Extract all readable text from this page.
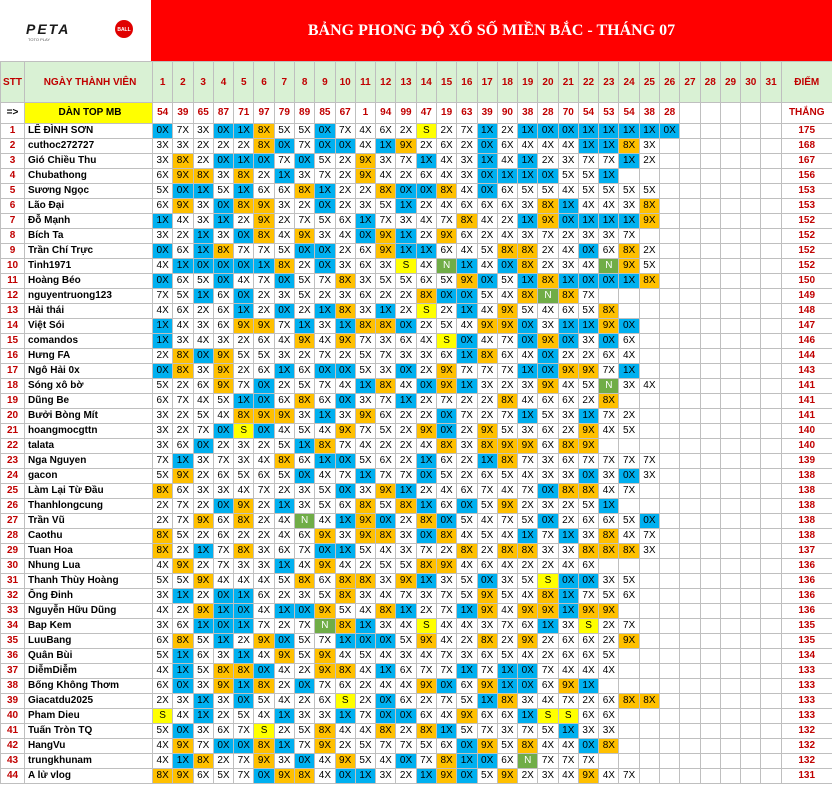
PETA	BALL
TOTO PLAY
BẢNG PHONG ĐỘ XỔ SỐ MIỀN BẮC - THÁNG 07
STT	NGÀY THÀNH VIÊN	1	2	3	4	5	6	7	8	9	10	11	12	13	14	15	16	17	18	19	20	21	22	23	24	25	26	27	28	29	30	31	ĐIỂM
=>	DÀN TOP MB	54	39	65	87	71	97	79	89	85	67	1	94	99	47	19	63	39	90	38	28	70	54	53	54	38	28						THẮNG
1	LÊ ĐÌNH SƠN	0X	7X	3X	0X	1X	8X	5X	5X	0X	7X	4X	6X	2X	S	2X	7X	1X	2X	1X	0X	0X	1X	1X	1X	1X	0X						175
2	cuthoc272727	3X	3X	2X	2X	2X	8X	0X	7X	0X	0X	4X	1X	9X	2X	6X	2X	0X	6X	4X	4X	4X	1X	1X	8X	3X							168
3	Gió Chiều Thu	3X	8X	2X	0X	1X	0X	7X	0X	5X	2X	9X	3X	7X	1X	4X	3X	1X	4X	1X	2X	3X	7X	7X	1X	2X							167
4	Chubathong	6X	9X	8X	3X	8X	2X	1X	3X	7X	2X	9X	4X	2X	6X	4X	3X	0X	1X	1X	0X	5X	5X	1X									156
5	Sương Ngọc	5X	0X	1X	5X	1X	6X	6X	8X	1X	2X	2X	8X	0X	0X	8X	4X	0X	6X	5X	5X	4X	5X	5X	5X	5X							153
6	Lão Đại	6X	9X	3X	0X	8X	9X	3X	2X	0X	2X	3X	5X	1X	2X	4X	6X	6X	6X	3X	8X	1X	4X	4X	3X	8X							153
7	Đỗ Mạnh	1X	4X	3X	1X	2X	9X	2X	7X	5X	6X	1X	7X	3X	4X	7X	8X	4X	2X	1X	9X	0X	1X	1X	1X	9X							152
8	Bích Ta	3X	2X	1X	3X	0X	8X	4X	9X	3X	4X	0X	9X	1X	2X	9X	6X	2X	4X	3X	7X	2X	3X	3X	7X								152
9	Trần Chí Trực	0X	6X	1X	8X	7X	7X	5X	0X	0X	2X	6X	9X	1X	1X	6X	4X	5X	8X	8X	2X	4X	0X	6X	8X	2X							152
10	Tinh1971	4X	1X	0X	0X	0X	1X	8X	2X	0X	3X	6X	3X	S	4X	N	1X	4X	0X	8X	2X	3X	4X	N	9X	5X							152
11	Hoàng Béo	0X	6X	5X	0X	4X	7X	0X	5X	7X	8X	3X	5X	5X	6X	5X	9X	0X	5X	1X	8X	1X	0X	0X	1X	8X							150
12	nguyentruong123	7X	5X	1X	6X	0X	2X	3X	5X	2X	3X	6X	2X	2X	8X	0X	0X	5X	4X	8X	N	8X	7X										149
13	Hải thái	4X	6X	2X	6X	1X	2X	0X	2X	1X	8X	3X	1X	2X	S	2X	1X	4X	9X	5X	4X	6X	5X	8X									148
14	Việt Sói	1X	4X	3X	6X	9X	9X	7X	1X	3X	1X	8X	8X	0X	2X	5X	4X	9X	9X	0X	3X	1X	1X	9X	0X								147
15	comandos	1X	3X	4X	3X	2X	6X	4X	9X	4X	9X	7X	3X	6X	4X	S	0X	4X	7X	0X	9X	0X	3X	0X	6X								146
16	Hưng FA	2X	8X	0X	9X	5X	5X	3X	2X	7X	2X	5X	7X	3X	3X	6X	1X	8X	6X	4X	0X	2X	2X	6X	4X								144
17	Ngô Hải 0x	0X	8X	3X	9X	2X	6X	1X	6X	0X	0X	5X	3X	0X	2X	9X	7X	7X	7X	1X	0X	9X	9X	7X	1X								143
18	Sóng xô bờ	5X	2X	6X	9X	7X	0X	2X	5X	7X	4X	1X	8X	4X	0X	9X	1X	3X	2X	3X	9X	4X	5X	N	3X	4X							141
19	Dũng Be	6X	7X	4X	5X	1X	0X	6X	8X	6X	0X	3X	7X	1X	2X	7X	2X	2X	8X	4X	6X	6X	2X	8X									141
20	Bưởi Bòng Mít	3X	2X	5X	4X	8X	9X	9X	3X	1X	3X	9X	6X	2X	2X	0X	7X	2X	7X	1X	5X	3X	1X	7X	2X								141
21	hoangmocgttn	3X	2X	7X	0X	S	0X	4X	5X	4X	9X	7X	5X	2X	9X	0X	2X	9X	5X	3X	6X	2X	9X	4X	5X								140
22	talata	3X	6X	0X	2X	3X	2X	5X	1X	8X	7X	4X	2X	2X	4X	8X	3X	8X	9X	9X	6X	8X	9X										140
23	Nga Nguyen	7X	1X	3X	7X	3X	4X	8X	6X	1X	0X	5X	6X	2X	1X	6X	2X	1X	8X	7X	3X	6X	7X	7X	7X	7X							139
24	gacon	5X	9X	2X	6X	5X	6X	5X	0X	4X	7X	1X	7X	7X	0X	5X	2X	6X	5X	4X	3X	3X	0X	3X	0X	3X							138
25	Làm Lại Từ Đầu	8X	6X	3X	3X	4X	7X	2X	3X	5X	0X	3X	9X	1X	2X	4X	6X	7X	4X	7X	0X	8X	8X	4X	7X								138
26	Thanhlongcung	2X	7X	2X	0X	9X	2X	1X	3X	5X	6X	8X	5X	8X	1X	6X	0X	5X	9X	2X	3X	2X	5X	1X									138
27	Trần Vũ	2X	7X	9X	6X	8X	2X	4X	N	4X	1X	9X	0X	2X	8X	0X	5X	4X	7X	5X	0X	2X	6X	6X	5X	0X							138
28	Caothu	8X	5X	2X	6X	2X	2X	4X	6X	9X	3X	9X	8X	3X	0X	8X	4X	5X	4X	1X	7X	1X	3X	8X	4X	7X							138
29	Tuan Hoa	8X	2X	1X	7X	8X	3X	6X	7X	0X	1X	5X	4X	3X	7X	2X	8X	2X	8X	8X	3X	3X	8X	8X	8X	3X							137
30	Nhung Lua	4X	9X	2X	7X	3X	3X	1X	4X	9X	4X	2X	5X	5X	8X	9X	4X	6X	4X	2X	2X	4X	6X										136
31	Thanh Thùy Hoàng	5X	5X	9X	4X	4X	4X	5X	8X	6X	8X	8X	3X	9X	1X	3X	5X	0X	3X	5X	S	0X	0X	3X	5X								136
32	Ông Đinh	3X	1X	2X	0X	1X	6X	2X	3X	5X	8X	3X	4X	7X	3X	7X	5X	9X	5X	4X	8X	1X	7X	5X	6X								136
33	Nguyễn Hữu Dũng	4X	2X	9X	1X	0X	4X	1X	0X	9X	5X	4X	8X	1X	2X	7X	1X	9X	4X	9X	9X	1X	9X	9X									136
34	Bap Kem	3X	6X	1X	0X	1X	7X	2X	7X	N	8X	1X	3X	4X	S	4X	4X	3X	7X	6X	1X	3X	S	2X	7X								135
35	LuuBang	6X	8X	5X	1X	2X	9X	0X	5X	7X	1X	0X	0X	5X	9X	4X	2X	8X	2X	9X	2X	6X	6X	2X	9X								135
36	Quân Bùi	5X	1X	6X	3X	1X	4X	9X	5X	9X	4X	5X	4X	3X	4X	7X	3X	6X	5X	4X	2X	6X	6X	5X									134
37	DiễmDiễm	4X	1X	5X	8X	8X	0X	4X	2X	9X	8X	4X	1X	6X	7X	7X	1X	7X	1X	0X	7X	4X	4X	4X									133
38	Bống Không Thơm	6X	0X	3X	9X	1X	8X	2X	0X	7X	6X	2X	4X	4X	9X	0X	6X	9X	1X	0X	6X	9X	1X										133
39	Giacatdu2025	2X	3X	1X	3X	0X	5X	4X	2X	6X	S	2X	0X	6X	2X	7X	5X	1X	8X	3X	4X	7X	2X	6X	8X	8X							133
40	Pham Dieu	S	4X	1X	2X	5X	4X	1X	3X	3X	1X	7X	0X	0X	6X	4X	9X	6X	6X	1X	S	S	6X	6X									133
41	Tuấn Tròn TQ	5X	0X	3X	6X	7X	S	2X	5X	8X	4X	4X	8X	2X	8X	1X	5X	7X	3X	7X	5X	1X	3X	3X									132
42	HangVu	4X	9X	7X	0X	0X	8X	1X	7X	9X	2X	5X	7X	7X	5X	6X	0X	9X	5X	8X	4X	4X	0X	8X									132
43	trungkhunam	4X	1X	8X	2X	7X	9X	3X	0X	4X	9X	5X	4X	0X	7X	8X	1X	0X	6X	N	7X	7X	7X										132
44	A lử vlog	8X	9X	6X	5X	7X	0X	9X	8X	4X	0X	1X	3X	2X	1X	9X	0X	5X	9X	2X	3X	4X	9X	4X	7X								131
